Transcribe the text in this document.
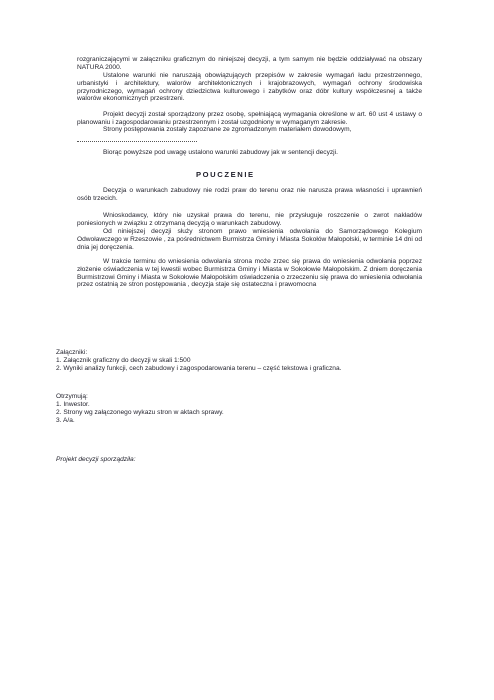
rozgraniczającymi w załączniku graficznym do niniejszej decyzji, a tym samym nie będzie oddziaływać na obszary NATURA 2000.

Ustalone warunki nie naruszają obowiązujących przepisów w zakresie wymagań ładu przestrzennego, urbanistyki i architektury, walorów architektonicznych i krajobrazowych, wymagań ochrony środowiska przyrodniczego, wymagań ochrony dziedzictwa kulturowego i zabytków oraz dóbr kultury współczesnej a także walorów ekonomicznych przestrzeni.

Projekt decyzji został sporządzony przez osobę, spełniającą wymagania określone w art. 60 ust 4 ustawy o planowaniu i zagospodarowaniu przestrzennym i został uzgodniony w wymaganym zakresie.

Strony postępowania zostały zapoznane ze zgromadzonym materiałem dowodowym,

Biorąc powyższe pod uwagę ustalono warunki zabudowy jak w sentencji decyzji.

POUCZENIE

Decyzja o warunkach zabudowy nie rodzi praw do terenu oraz nie narusza prawa własności i uprawnień osób trzecich.

Wnioskodawcy, który nie uzyskał prawa do terenu, nie przysługuje roszczenie o zwrot nakładów poniesionych w związku z otrzymaną decyzją o warunkach zabudowy.

Od niniejszej decyzji służy stronom prawo wniesienia odwołania do Samorządowego Kolegium Odwoławczego w Rzeszowie , za pośrednictwem Burmistrza Gminy i Miasta Sokołów Małopolski, w terminie 14 dni od dnia jej doręczenia.

W trakcie terminu do wniesienia odwołania strona może zrzec się prawa do wniesienia odwołania poprzez złożenie oświadczenia w tej kwestii wobec Burmistrza Gminy i Miasta w Sokołowie Małopolskim. Z dniem doręczenia Burmistrzowi Gminy i Miasta w Sokołowie Małopolskim oświadczenia o zrzeczeniu się prawa do wniesienia odwołania przez ostatnią ze stron postępowania , decyzja staje się ostateczna i prawomocna

Załączniki:

1. Załącznik graficzny do decyzji w skali 1:500
2. Wyniki analizy funkcji, cech zabudowy i zagospodarowania terenu – część tekstowa i graficzna.

Otrzymują:

1. Inwestor.
2. Strony wg załączonego wykazu stron w aktach sprawy.
3. A/a.

Projekt decyzji sporządziła:
